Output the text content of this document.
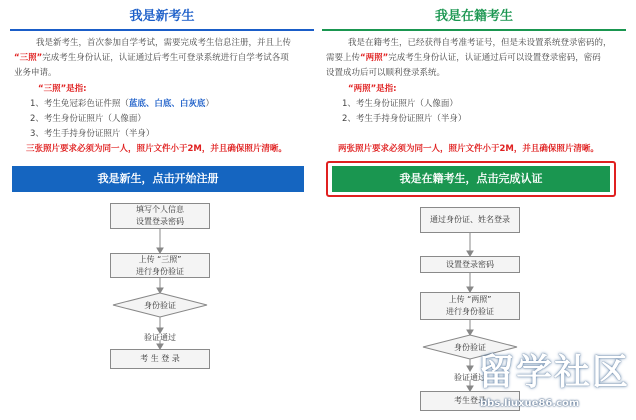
我是新考生
我是新考生，首次参加自学考试，需要完成考生信息注册，并且上传
“三照”完成考生身份认证，认证通过后考生可登录系统进行自学考试各项
业务申请。
“三照”是指:
1、考生免冠彩色证件照（蓝底、白底、白灰底）
2、考生身份证照片（人像面）
3、考生手持身份证照片（半身）
三张照片要求必须为同一人，照片文件小于2M，并且确保照片清晰。
我是新生，点击开始注册
填写个人信息
设置登录密码
上传 “三照”
进行身份验证
身份验证
验证通过
考 生 登 录
我是在籍考生
我是在籍考生，已经获得自考准考证号，但是未设置系统登录密码的，
需要上传“两照”完成考生身份认证，认证通过后可以设置登录密码，密码
设置成功后可以顺利登录系统。
“两照”是指:
1、考生身份证照片（人像面）
2、考生手持身份证照片（半身）
两张照片要求必须为同一人，照片文件小于2M，并且确保照片清晰。
我是在籍考生，点击完成认证
通过身份证、姓名登录
设置登录密码
上传 “两照”
进行身份验证
身份验证
验证通过
考生登录
留学社区
bbs.liuxue86.com
